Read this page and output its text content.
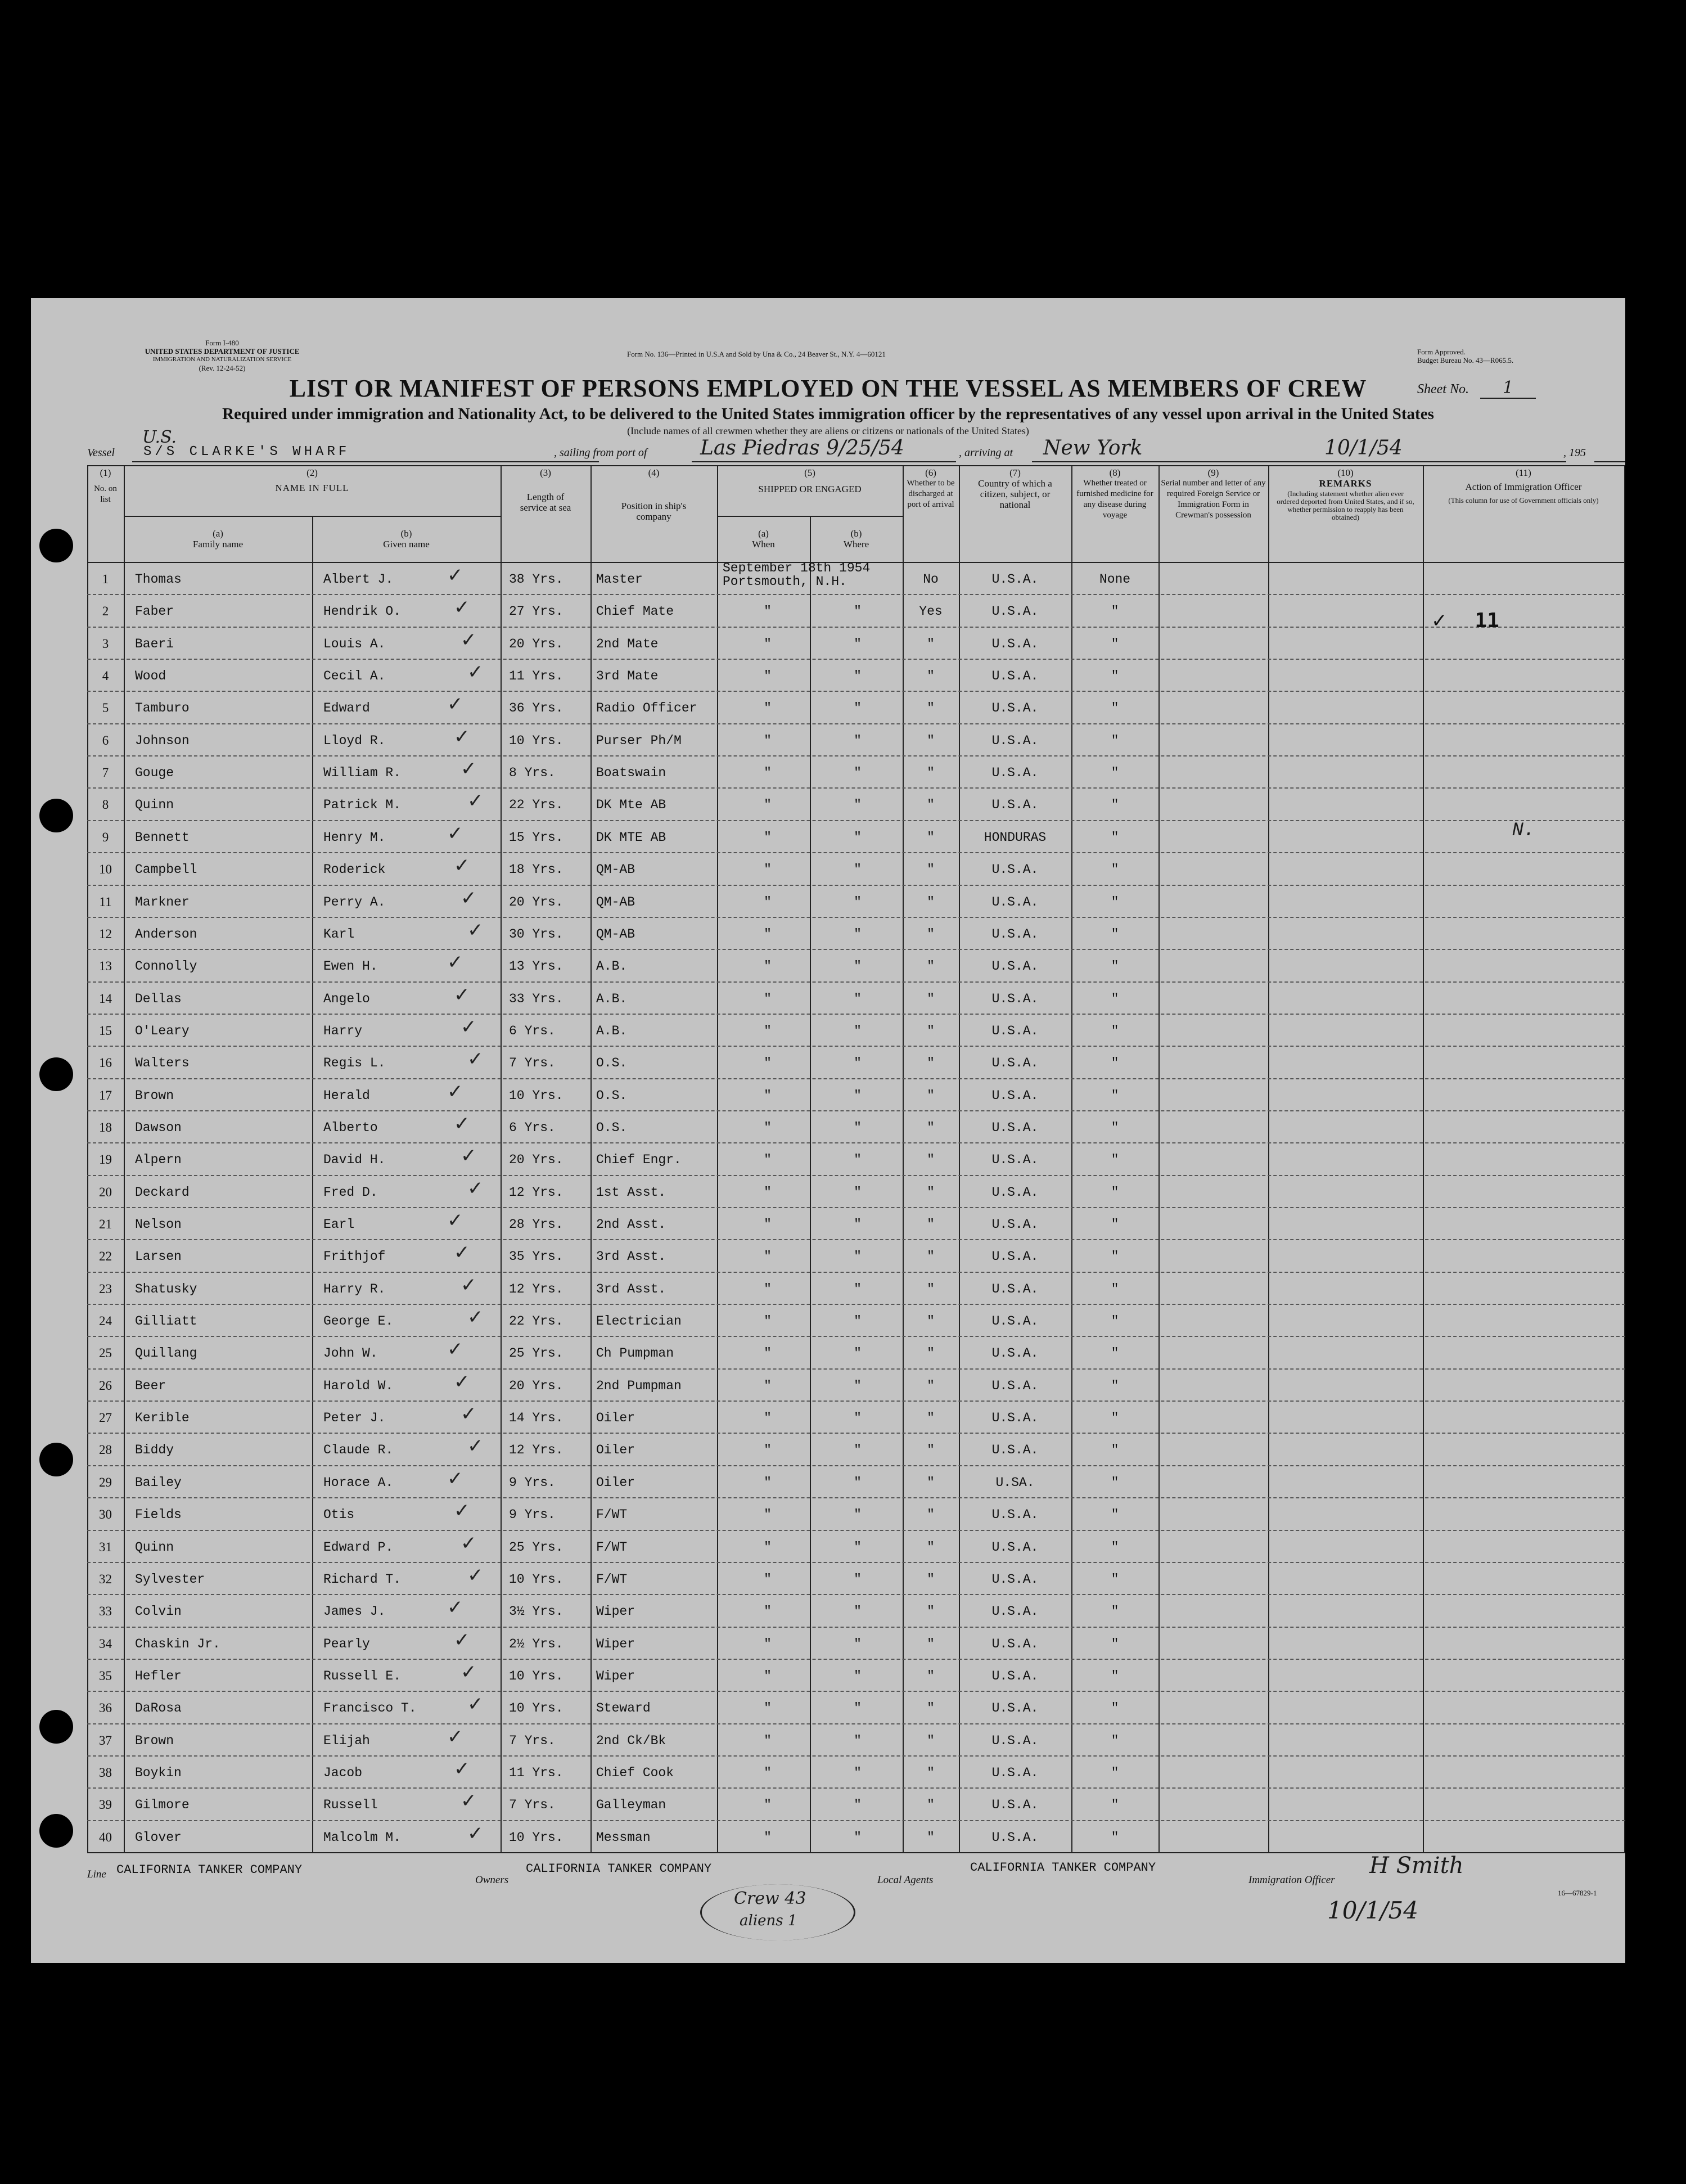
Form I-480
UNITED STATES DEPARTMENT OF JUSTICE
IMMIGRATION AND NATURALIZATION SERVICE
(Rev. 12-24-52)
Form No. 136—Printed in U.S.A and Sold by Una & Co., 24 Beaver St., N.Y. 4—60121	Form Approved.
Budget Bureau No. 43—R065.5.
Sheet No. 1
LIST OR MANIFEST OF PERSONS EMPLOYED ON THE VESSEL AS MEMBERS OF CREW
Required under immigration and Nationality Act, to be delivered to the United States immigration officer by the representatives of any vessel upon arrival in the United States
(Include names of all crewmen whether they are aliens or citizens or nationals of the United States)
Vessel
U.S.
S/S CLARKE'S WHARF	, sailing from port of	Las Piedras 9/25/54	, arriving at New York	10/1/54	, 195
(1)
No. on list
(2)
NAME IN FULL
(a)
Family name
(b)
Given name
(3)
Length of service at sea
(4)
Position in ship's company
(5)
SHIPPED OR ENGAGED
(a)
When
(b)
Where
(6)
Whether to be discharged at port of arrival
(7)
Country of which a citizen, subject, or national
(8)
Whether treated or furnished medicine for any disease during voyage
(9)
Serial number and letter of any required Foreign Service or Immigration Form in Crewman's possession
(10)
REMARKS
(Including statement whether alien ever ordered deported from United States, and if so, whether permission to reapply has been obtained)
(11)
Action of Immigration Officer
(This column for use of Government officials only)
1	Thomas	Albert J.	38 Yrs.	Master
September 18th 1954
Portsmouth, N.H.	No	U.S.A.	None
✓
2	Faber	Hendrik O.	27 Yrs.	Chief Mate	"	"	Yes	U.S.A.	"
✓
3	Baeri	Louis A.	20 Yrs.	2nd Mate	"	"	"	U.S.A.	"
✓
4	Wood	Cecil A.	11 Yrs.	3rd Mate	"	"	"	U.S.A.	"
✓
5	Tamburo	Edward	36 Yrs.	Radio Officer	"	"	"	U.S.A.	"
✓
6	Johnson	Lloyd R.	10 Yrs.	Purser Ph/M	"	"	"	U.S.A.	"
✓
7	Gouge	William R.	8 Yrs.	Boatswain	"	"	"	U.S.A.	"
✓
8	Quinn	Patrick M.	22 Yrs.	DK Mte AB	"	"	"	U.S.A.	"
✓
9	Bennett	Henry M.	15 Yrs.	DK MTE AB	"	"	"	HONDURAS	"	N.
✓
10	Campbell	Roderick	18 Yrs.	QM-AB	"	"	"	U.S.A.	"
✓
11	Markner	Perry A.	20 Yrs.	QM-AB	"	"	"	U.S.A.	"
✓
12	Anderson	Karl	30 Yrs.	QM-AB	"	"	"	U.S.A.	"
✓
13	Connolly	Ewen H.	13 Yrs.	A.B.	"	"	"	U.S.A.	"
✓
14	Dellas	Angelo	33 Yrs.	A.B.	"	"	"	U.S.A.	"
✓
15	O'Leary	Harry	6 Yrs.	A.B.	"	"	"	U.S.A.	"
✓
16	Walters	Regis L.	7 Yrs.	O.S.	"	"	"	U.S.A.	"
✓
17	Brown	Herald	10 Yrs.	O.S.	"	"	"	U.S.A.	"
✓
18	Dawson	Alberto	6 Yrs.	O.S.	"	"	"	U.S.A.	"
✓
19	Alpern	David H.	20 Yrs.	Chief Engr.	"	"	"	U.S.A.	"
✓
20	Deckard	Fred D.	12 Yrs.	1st Asst.	"	"	"	U.S.A.	"
✓
21	Nelson	Earl	28 Yrs.	2nd Asst.	"	"	"	U.S.A.	"
✓
22	Larsen	Frithjof	35 Yrs.	3rd Asst.	"	"	"	U.S.A.	"
✓
23	Shatusky	Harry R.	12 Yrs.	3rd Asst.	"	"	"	U.S.A.	"
✓
24	Gilliatt	George E.	22 Yrs.	Electrician	"	"	"	U.S.A.	"
✓
25	Quillang	John W.	25 Yrs.	Ch Pumpman	"	"	"	U.S.A.	"
✓
26	Beer	Harold W.	20 Yrs.	2nd Pumpman	"	"	"	U.S.A.	"
✓
27	Kerible	Peter J.	14 Yrs.	Oiler	"	"	"	U.S.A.	"
✓
28	Biddy	Claude R.	12 Yrs.	Oiler	"	"	"	U.S.A.	"
✓
29	Bailey	Horace A.	9 Yrs.	Oiler	"	"	"	U.SA.	"
✓
30	Fields	Otis	9 Yrs.	F/WT	"	"	"	U.S.A.	"
✓
31	Quinn	Edward P.	25 Yrs.	F/WT	"	"	"	U.S.A.	"
✓
32	Sylvester	Richard T.	10 Yrs.	F/WT	"	"	"	U.S.A.	"
✓
33	Colvin	James J.	3½ Yrs.	Wiper	"	"	"	U.S.A.	"
✓
34	Chaskin Jr.	Pearly	2½ Yrs.	Wiper	"	"	"	U.S.A.	"
✓
35	Hefler	Russell E.	10 Yrs.	Wiper	"	"	"	U.S.A.	"
✓
36	DaRosa	Francisco T.	10 Yrs.	Steward	"	"	"	U.S.A.	"
✓
37	Brown	Elijah	7 Yrs.	2nd Ck/Bk	"	"	"	U.S.A.	"
✓
38	Boykin	Jacob	11 Yrs.	Chief Cook	"	"	"	U.S.A.	"
✓
39	Gilmore	Russell	7 Yrs.	Galleyman	"	"	"	U.S.A.	"
✓
40	Glover	Malcolm M.	10 Yrs.	Messman	"	"	"	U.S.A.	"
✓
✓ 11
Line CALIFORNIA TANKER COMPANY
Owners
CALIFORNIA TANKER COMPANY
Local Agents
CALIFORNIA TANKER COMPANY
Immigration Officer
H Smith
10/1/54
16—67829-1
Crew 43
aliens 1
